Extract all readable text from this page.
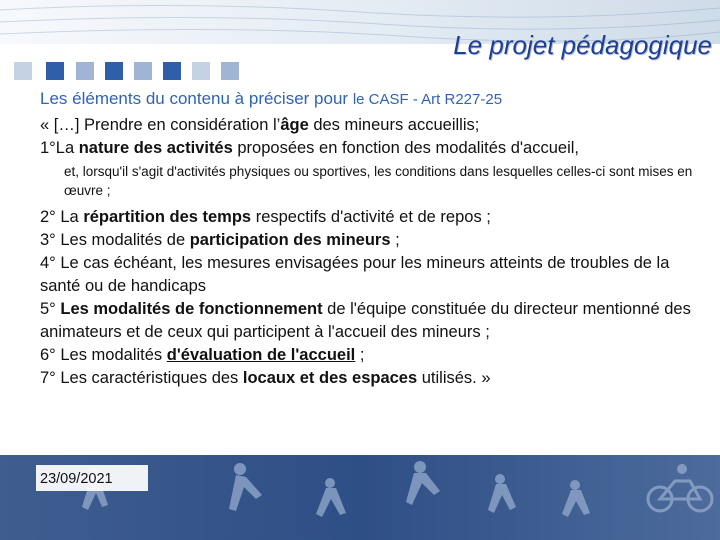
Le projet pédagogique

Les éléments du contenu à préciser pour le CASF - Art R227-25

« […] Prendre en considération l’âge des mineurs accueillis;

1°La nature des activités proposées en fonction des modalités d'accueil,

et, lorsqu'il s'agit d'activités physiques ou sportives, les conditions dans lesquelles celles-ci sont mises en œuvre ;

2° La répartition des temps respectifs d'activité et de repos ;

3° Les modalités de participation des mineurs ;

4° Le cas échéant, les mesures envisagées pour les mineurs atteints de troubles de la santé ou de handicaps

5° Les modalités de fonctionnement de l'équipe constituée du directeur mentionné des animateurs et de ceux qui participent à l'accueil des mineurs ;

6° Les modalités d'évaluation de l'accueil ;

7° Les caractéristiques des locaux et des espaces utilisés. »

23/09/2021
